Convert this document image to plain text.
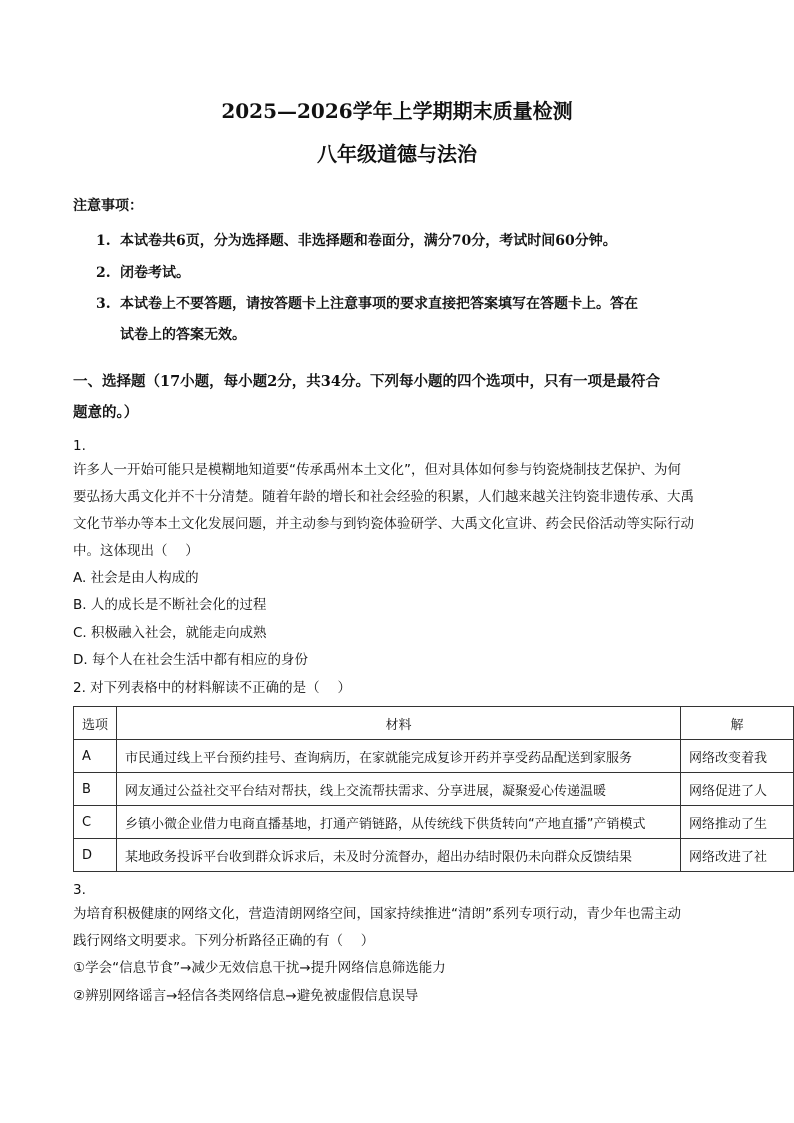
2025—2026学年上学期期末质量检测
八年级道德与法治
注意事项：
1. 本试卷共6页，分为选择题、非选择题和卷面分，满分70分，考试时间60分钟。
2. 闭卷考试。
3. 本试卷上不要答题，请按答题卡上注意事项的要求直接把答案填写在答题卡上。答在
试卷上的答案无效。
一、选择题（17小题，每小题2分，共34分。下列每小题的四个选项中，只有一项是最符合
题意的。）
1.
许多人一开始可能只是模糊地知道要“传承禹州本土文化”，但对具体如何参与钧瓷烧制技艺保护、为何
要弘扬大禹文化并不十分清楚。随着年龄的增长和社会经验的积累，人们越来越关注钧瓷非遗传承、大禹
文化节举办等本土文化发展问题，并主动参与到钧瓷体验研学、大禹文化宣讲、药会民俗活动等实际行动
中。这体现出（　 ）
A. 社会是由人构成的
B. 人的成长是不断社会化的过程
C. 积极融入社会，就能走向成熟
D. 每个人在社会生活中都有相应的身份
2. 对下列表格中的材料解读不正确的是（　 ）
选项	材料	解
A	市民通过线上平台预约挂号、查询病历，在家就能完成复诊开药并享受药品配送到家服务	网络改变着我
B	网友通过公益社交平台结对帮扶，线上交流帮扶需求、分享进展，凝聚爱心传递温暖	网络促进了人
C	乡镇小微企业借力电商直播基地，打通产销链路，从传统线下供货转向“产地直播”产销模式	网络推动了生
D	某地政务投诉平台收到群众诉求后，未及时分流督办，超出办结时限仍未向群众反馈结果	网络改进了社
3.
为培育积极健康的网络文化，营造清朗网络空间，国家持续推进“清朗”系列专项行动，青少年也需主动
践行网络文明要求。下列分析路径正确的有（　 ）
①学会“信息节食”→减少无效信息干扰→提升网络信息筛选能力
②辨别网络谣言→轻信各类网络信息→避免被虚假信息误导
